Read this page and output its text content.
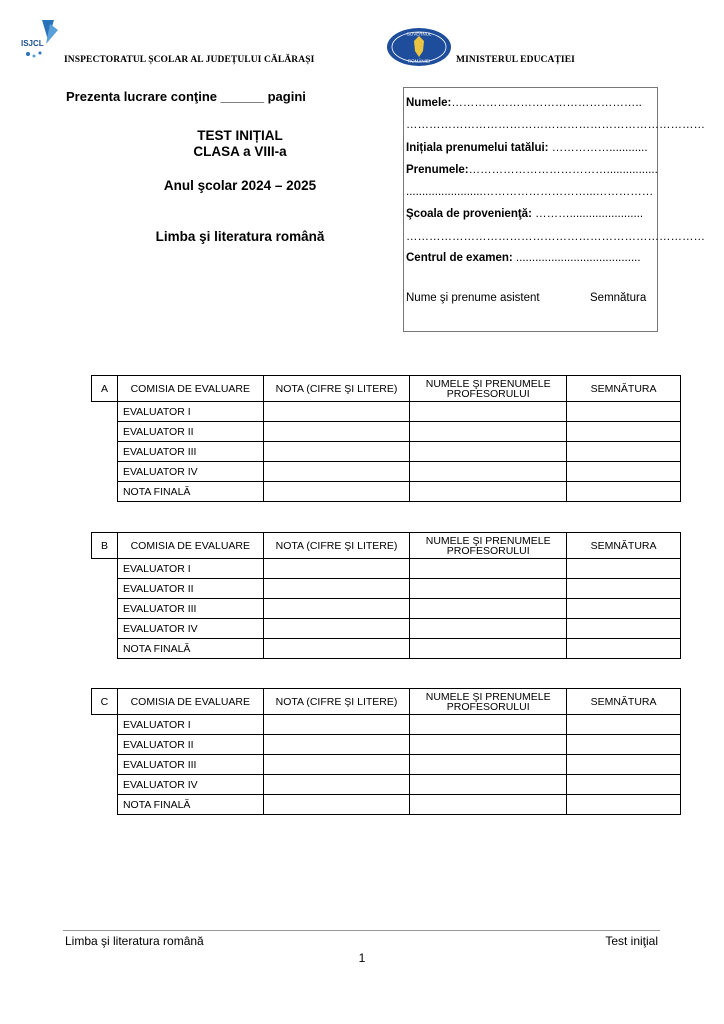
ISJCL
INSPECTORATUL ȘCOLAR AL JUDEȚULUI CĂLĂRAȘI
GUVERNUL
ROMÂNIEI	MINISTERUL EDUCAȚIEI
Prezenta lucrare conţine ______ pagini
TEST INIȚIAL
CLASA a VIII-a
Anul şcolar 2024 – 2025
Limba şi literatura română
Numele:…………………………………………..
……………………………………………………………………
Inițiala prenumelui tatălui: ……………............
Prenumele:………………………………................
........................………………………...……………
Şcoala de provenienţă: ……….......................
……………………………………………………………………
Centrul de examen: .......................................
Nume şi prenume asistent	Semnătura
A	COMISIA DE EVALUARE	NOTA (CIFRE ŞI LITERE)	NUMELE ŞI PRENUMELE PROFESORULUI	SEMNĂTURA
	EVALUATOR I			
	EVALUATOR II			
	EVALUATOR III			
	EVALUATOR IV			
	NOTA FINALĂ			
B	COMISIA DE EVALUARE	NOTA (CIFRE ŞI LITERE)	NUMELE ŞI PRENUMELE PROFESORULUI	SEMNĂTURA
	EVALUATOR I			
	EVALUATOR II			
	EVALUATOR III			
	EVALUATOR IV			
	NOTA FINALĂ			
C	COMISIA DE EVALUARE	NOTA (CIFRE ŞI LITERE)	NUMELE ŞI PRENUMELE PROFESORULUI	SEMNĂTURA
	EVALUATOR I			
	EVALUATOR II			
	EVALUATOR III			
	EVALUATOR IV			
	NOTA FINALĂ			
Limba şi literatura română	Test iniţial
1
